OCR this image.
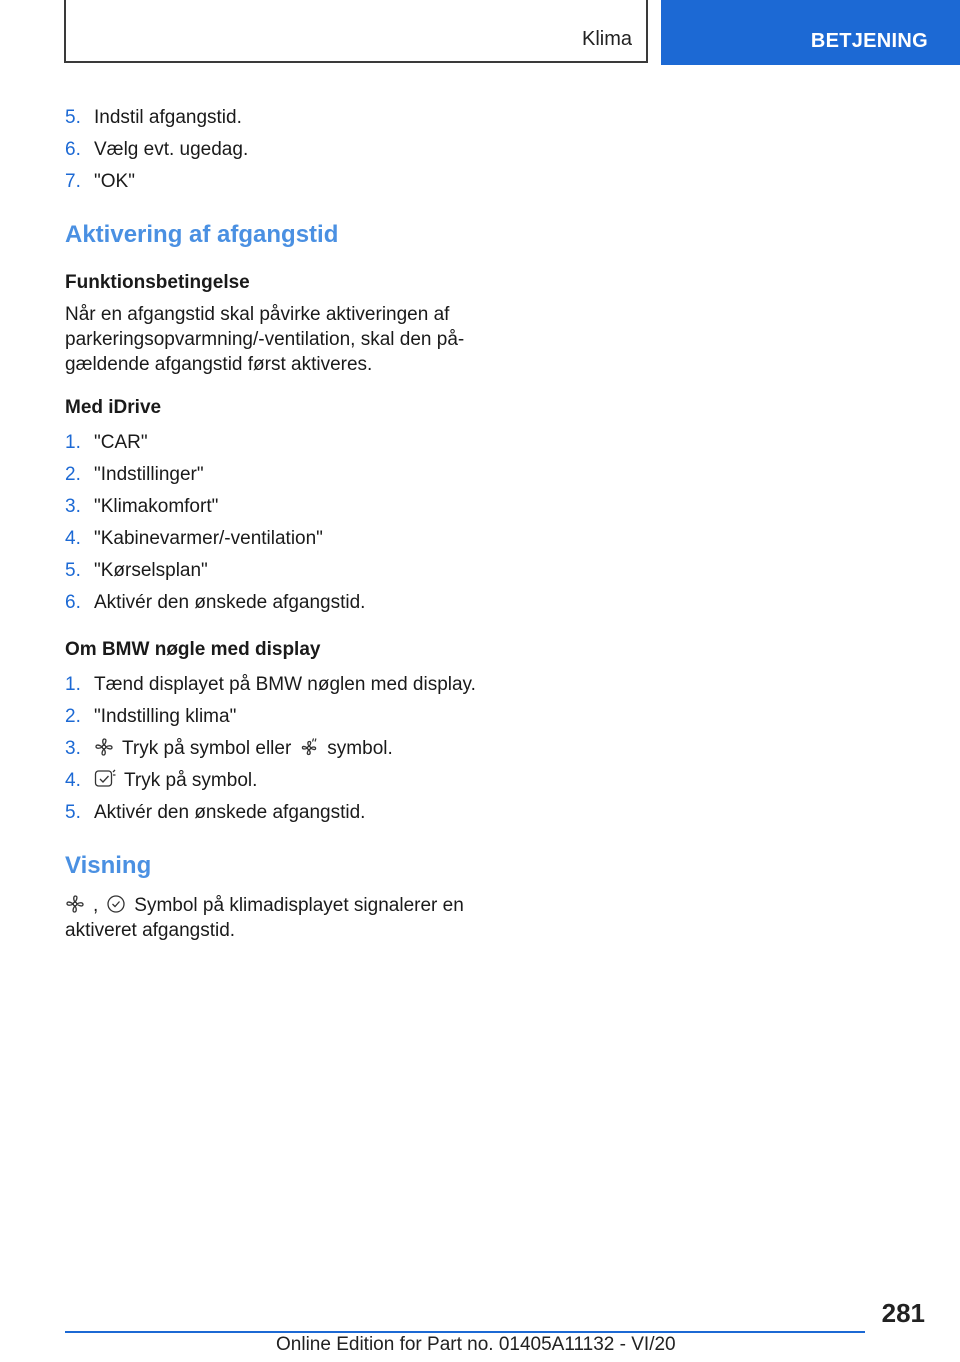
Klima	BETJENING
5. Indstil afgangstid.
6. Vælg evt. ugedag.
7. "OK"
Aktivering af afgangstid
Funktionsbetingelse

Når en afgangstid skal påvirke aktiveringen af parkeringsopvarmning/-ventilation, skal den på-gældende afgangstid først aktiveres.

Med iDrive
1. "CAR"
2. "Indstillinger"
3. "Klimakomfort"
4. "Kabinevarmer/-ventilation"
5. "Kørselsplan"
6. Aktivér den ønskede afgangstid.
Om BMW nøgle med display
1. Tænd displayet på BMW nøglen med display.
2. "Indstilling klima"
3.	Tryk på symbol eller symbol.
4.	Tryk på symbol.
5. Aktivér den ønskede afgangstid.
Visning

, Symbol på klimadisplayet signalerer en
aktiveret afgangstid.

281
Online Edition for Part no. 01405A11132 - VI/20
